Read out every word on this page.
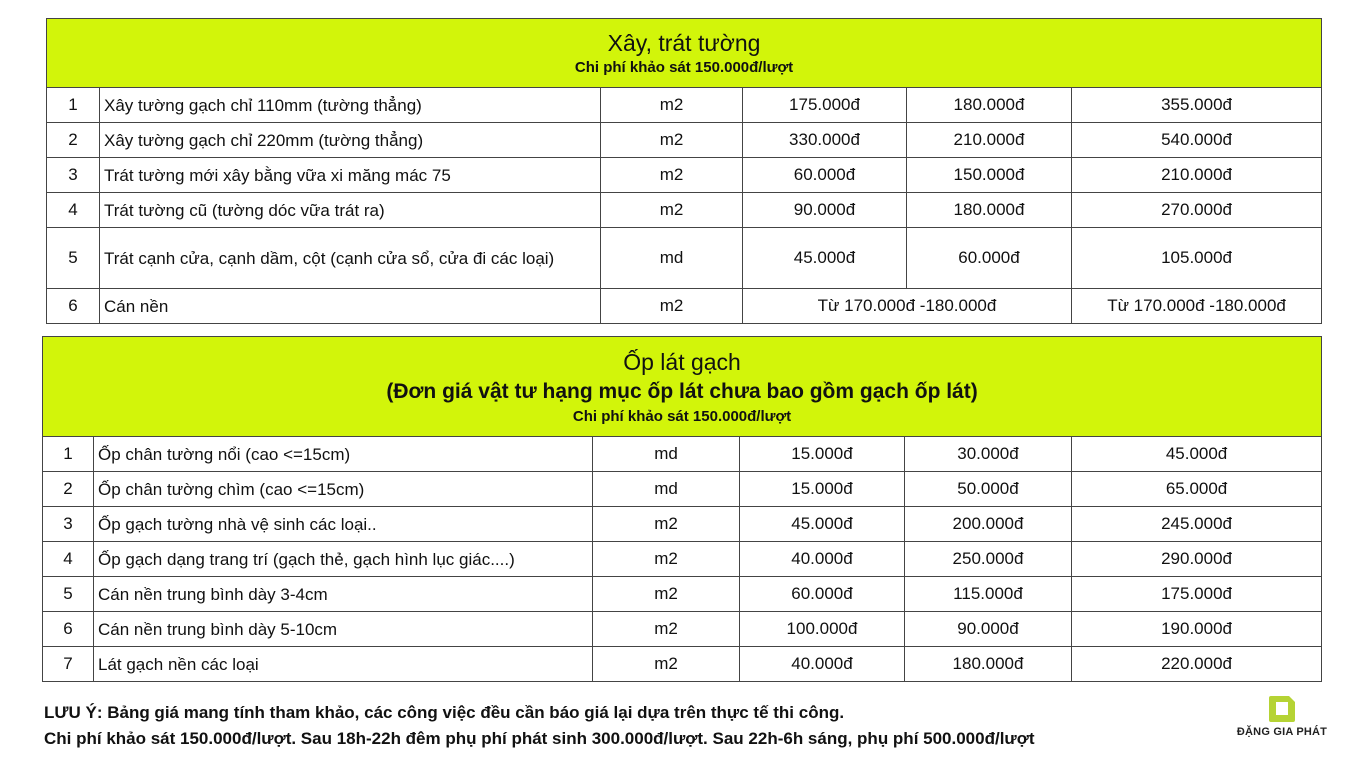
Xây, trát tường
Chi phí khảo sát 150.000đ/lượt					

1	Xây tường gạch chỉ 110mm (tường thẳng)	m2	175.000đ	180.000đ	355.000đ
2	Xây tường gạch chỉ 220mm (tường thẳng)	m2	330.000đ	210.000đ	540.000đ
3	Trát tường mới xây bằng vữa xi măng mác 75	m2	60.000đ	150.000đ	210.000đ
4	Trát tường cũ (tường dóc vữa trát ra)	m2	90.000đ	180.000đ	270.000đ
5	Trát cạnh cửa, cạnh dầm, cột (cạnh cửa sổ, cửa đi các loại)	md	45.000đ	60.000đ	105.000đ
6	Cán nền	m2	Từ 170.000đ -180.000đ		Từ 170.000đ -180.000đ
Ốp lát gạch
(Đơn giá vật tư hạng mục ốp lát chưa bao gồm gạch ốp lát)
Chi phí khảo sát 150.000đ/lượt					

1	Ốp chân tường nổi (cao <=15cm)	md	15.000đ	30.000đ	45.000đ
2	Ốp chân tường chìm (cao <=15cm)	md	15.000đ	50.000đ	65.000đ
3	Ốp gạch tường nhà vệ sinh các loại..	m2	45.000đ	200.000đ	245.000đ
4	Ốp gạch dạng trang trí (gạch thẻ, gạch hình lục giác....)	m2	40.000đ	250.000đ	290.000đ
5	Cán nền trung bình dày 3-4cm	m2	60.000đ	115.000đ	175.000đ
6	Cán nền trung bình dày 5-10cm	m2	100.000đ	90.000đ	190.000đ
7	Lát gạch nền các loại	m2	40.000đ	180.000đ	220.000đ
LƯU Ý: Bảng giá mang tính tham khảo, các công việc đều cần báo giá lại dựa trên thực tế thi công.
Chi phí khảo sát 150.000đ/lượt. Sau 18h-22h đêm phụ phí phát sinh 300.000đ/lượt. Sau 22h-6h sáng, phụ phí 500.000đ/lượt	ĐẶNG GIA PHÁT
